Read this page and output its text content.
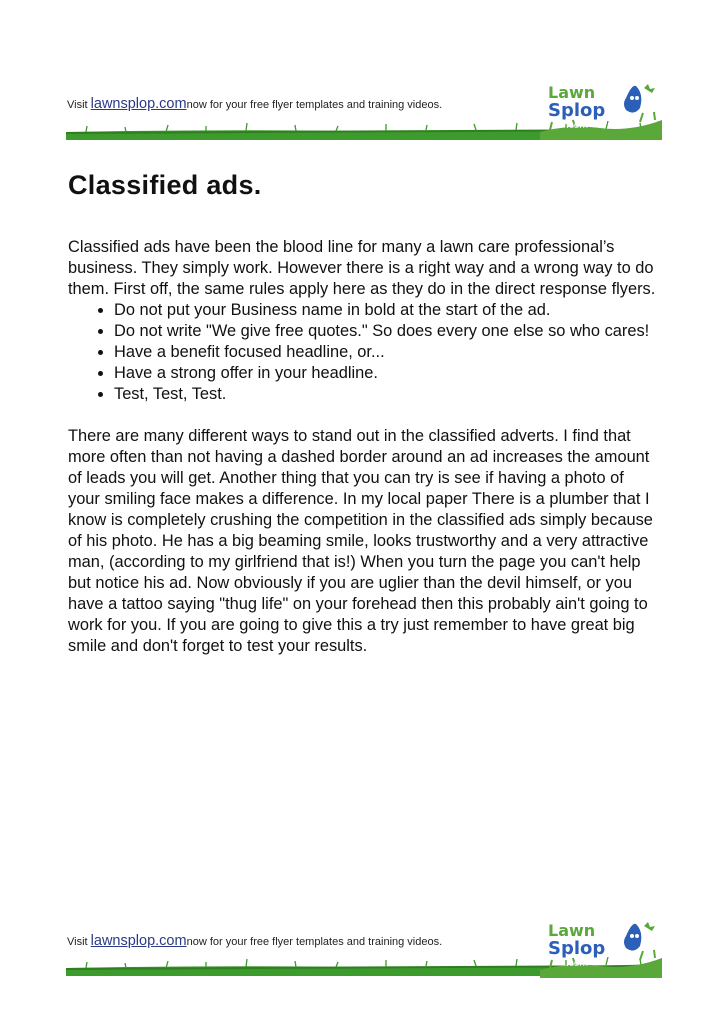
Visit lawnsplop.comnow for your free flyer templates and training videos.
Lawn
Splop
.com
Classified ads.

Classified ads have been the blood line for many a lawn care professional’s business. They simply work. However there is a right way and a wrong way to do them. First off, the same rules apply here as they do in the direct response flyers.

• Do not put your Business name in bold at the start of the ad.
• Do not write "We give free quotes." So does every one else so who cares!
• Have a benefit focused headline, or...
• Have a strong offer in your headline.
• Test, Test, Test.

There are many different ways to stand out in the classified adverts. I find that more often than not having a dashed border around an ad increases the amount of leads you will get. Another thing that you can try is see if having a photo of your smiling face makes a difference. In my local paper There is a plumber that I know is completely crushing the competition in the classified ads simply because of his photo. He has a big beaming smile, looks trustworthy and a very attractive man, (according to my girlfriend that is!) When you turn the page you can't help but notice his ad. Now obviously if you are uglier than the devil himself, or you have a tattoo saying "thug life" on your forehead then this probably ain't going to work for you. If you are going to give this a try just remember to have great big smile and don't forget to test your results.

Visit lawnsplop.comnow for your free flyer templates and training videos.
Lawn
Splop
.com
